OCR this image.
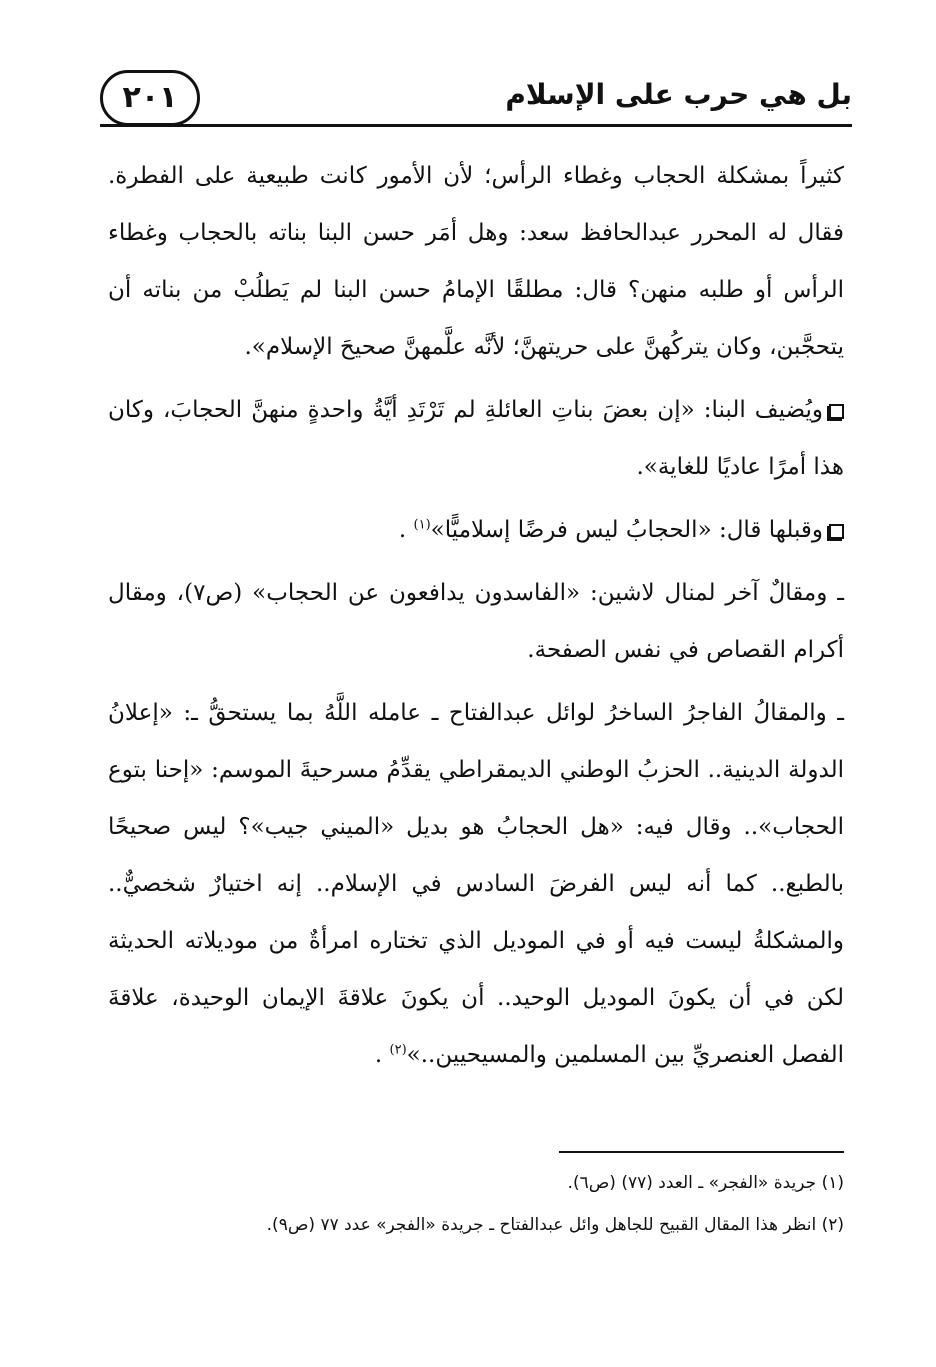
٢٠١	بل هي حرب على الإسلام

كثيراً بمشكلة الحجاب وغطاء الرأس؛ لأن الأمور كانت طبيعية على الفطرة. فقال له المحرر عبدالحافظ سعد: وهل أمَر حسن البنا بناته بالحجاب وغطاء الرأس أو طلبه منهن؟ قال: مطلقًا الإمامُ حسن البنا لم يَطلُبْ من بناته أن يتحجَّبن، وكان يتركُهنَّ على حريتهنَّ؛ لأنَّه علَّمهنَّ صحيحَ الإسلام».

ويُضيف البنا: «إن بعضَ بناتِ العائلةِ لم تَرْتَدِ أيَّةُ واحدةٍ منهنَّ الحجابَ، وكان هذا أمرًا عاديًا للغاية».

وقبلها قال: «الحجابُ ليس فرضًا إسلاميًّا»$^{(١)}$ .

ـ ومقالٌ آخر لمنال لاشين: «الفاسدون يدافعون عن الحجاب» (ص٧)، ومقال أكرام القصاص في نفس الصفحة.

ـ والمقالُ الفاجرُ الساخرُ لوائل عبدالفتاح ـ عامله اللَّهُ بما يستحقُّ ـ: «إعلانُ الدولة الدينية.. الحزبُ الوطني الديمقراطي يقدِّمُ مسرحيةَ الموسم: «إحنا بتوع الحجاب».. وقال فيه: «هل الحجابُ هو بديل «الميني جيب»؟ ليس صحيحًا بالطبع.. كما أنه ليس الفرضَ السادس في الإسلام.. إنه اختيارٌ شخصيٌّ.. والمشكلةُ ليست فيه أو في الموديل الذي تختاره امرأةٌ من موديلاته الحديثة لكن في أن يكونَ الموديل الوحيد.. أن يكونَ علاقةَ الإيمان الوحيدة، علاقةَ الفصل العنصريِّ بين المسلمين والمسيحيين..»$^{(٢)}$ .

(١) جريدة «الفجر» ـ العدد (٧٧) (ص٦).

(٢) انظر هذا المقال القبيح للجاهل وائل عبدالفتاح ـ جريدة «الفجر» عدد ٧٧ (ص٩).
